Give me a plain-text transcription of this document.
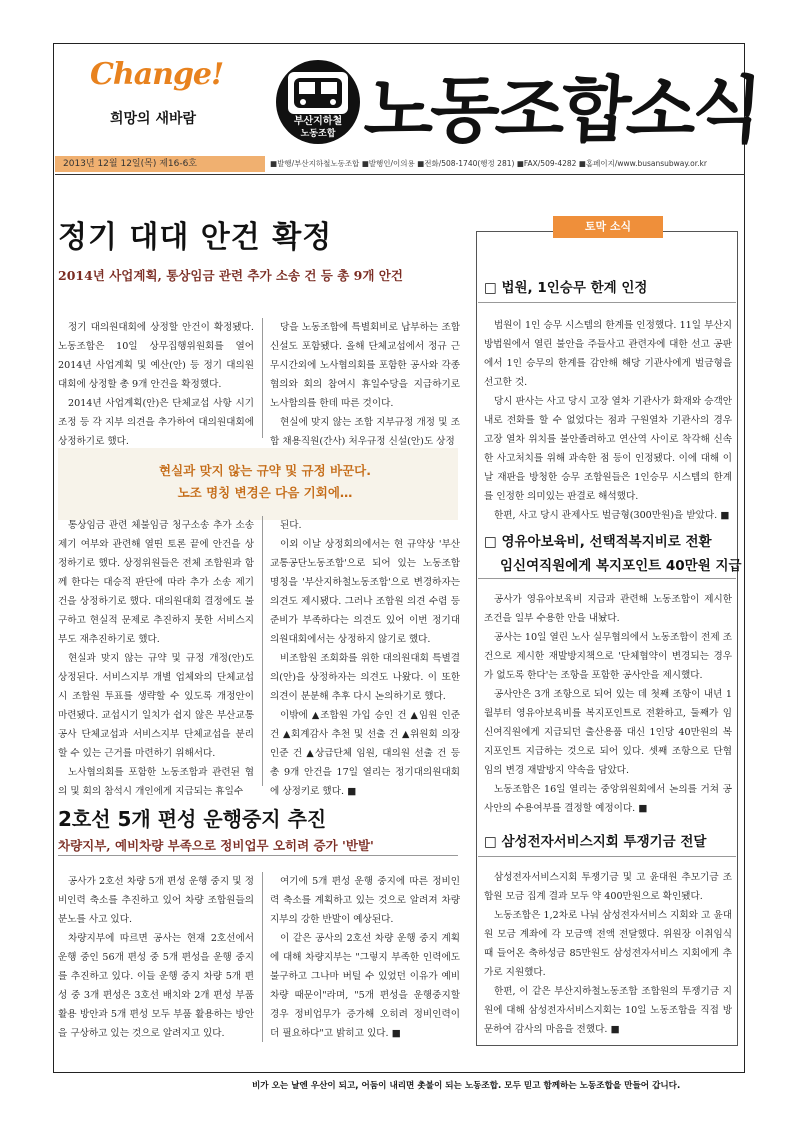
Change!
희망의 새바람	부산지하철
노동조합 노동조합소식
2013년 12월 12일(목) 제16-6호	■발행/부산지하철노동조합 ■발행인/이의용 ■전화/508-1740(행정 281) ■FAX/509-4282 ■홈페이지/www.busansubway.or.kr
정기 대대 안건 확정
2014년 사업계획, 통상임금 관련 추가 소송 건 등 총 9개 안건

정기 대의원대회에 상정할 안건이 확정됐다. 노동조합은 10일 상무집행위원회를 열어 2014년 사업계획 및 예산(안) 등 정기 대의원대회에 상정할 총 9개 안건을 확정했다.

2014년 사업계획(안)은 단체교섭 사항 시기 조정 등 각 지부 의견을 추가하여 대의원대회에 상정하기로 했다.

당을 노동조합에 특별회비로 납부하는 조합 신설도 포함됐다. 올해 단체교섭에서 정규 근무시간외에 노사협의회를 포함한 공사와 각종 협의와 회의 참여시 휴일수당을 지급하기로 노사합의를 한데 따른 것이다.

현실에 맞지 않는 조합 지부규정 개정 및 조합 채용직원(간사) 처우규정 신설(안)도 상정

현실과 맞지 않는 규약 및 규정 바꾼다.
노조 명칭 변경은 다음 기회에…

통상임금 관련 체불임금 청구소송 추가 소송 제기 여부와 관련해 열띤 토론 끝에 안건을 상정하기로 했다. 상정위원들은 전체 조합원과 함께 한다는 대승적 판단에 따라 추가 소송 제기 건을 상정하기로 했다. 대의원대회 결정에도 불구하고 현실적 문제로 추진하지 못한 서비스지부도 재추진하기로 했다.

현실과 맞지 않는 규약 및 규정 개정(안)도 상정된다. 서비스지부 개별 업체와의 단체교섭 시 조합원 투표를 생략할 수 있도록 개정안이 마련됐다. 교섭시기 일치가 쉽지 않은 부산교통공사 단체교섭과 서비스지부 단체교섭을 분리할 수 있는 근거를 마련하기 위해서다.

노사협의회를 포함한 노동조합과 관련된 협의 및 회의 참석시 개인에게 지급되는 휴일수

된다.

이외 이날 상정회의에서는 현 규약상 '부산교통공단노동조합'으로 되어 있는 노동조합 명칭을 '부산지하철노동조합'으로 변경하자는 의견도 제시됐다. 그러나 조합원 의견 수렴 등 준비가 부족하다는 의견도 있어 이번 정기대의원대회에서는 상정하지 않기로 했다.

비조합원 조회화를 위한 대의원대회 특별결의(안)을 상정하자는 의견도 나왔다. 이 또한 의견이 분분해 추후 다시 논의하기로 했다.

이밖에 ▲조합원 가입 승인 건 ▲임원 인준 건 ▲회계감사 추천 및 선출 건 ▲위원회 의장 인준 건 ▲상급단체 임원, 대의원 선출 건 등 총 9개 안건을 17일 열리는 정기대의원대회에 상정키로 했다. ■

2호선 5개 편성 운행중지 추진
차량지부, 예비차량 부족으로 정비업무 오히려 증가 '반발'

공사가 2호선 차량 5개 편성 운행 중지 및 정비인력 축소를 추진하고 있어 차량 조합원들의 분노를 사고 있다.

차량지부에 따르면 공사는 현재 2호선에서 운행 중인 56개 편성 중 5개 편성을 운행 중지를 추진하고 있다. 이들 운행 중지 차량 5개 편성 중 3개 편성은 3호선 배치와 2개 편성 부품 활용 방안과 5개 편성 모두 부품 활용하는 방안을 구상하고 있는 것으로 알려지고 있다.

여기에 5개 편성 운행 중지에 따른 정비인력 축소를 계획하고 있는 것으로 알려져 차량지부의 강한 반발이 예상된다.

이 같은 공사의 2호선 차량 운행 중지 계획에 대해 차량지부는 "그렇지 부족한 인력에도 불구하고 그나마 버틸 수 있었던 이유가 예비차량 때문이"라며, "5개 편성을 운행중지할 경우 정비업무가 증가해 오히려 정비인력이 더 필요하다"고 밝히고 있다. ■

토막 소식
□ 법원, 1인승무 한계 인정

법원이 1인 승무 시스템의 한계를 인정했다. 11일 부산지방법원에서 열린 불안을 주들사고 관련자에 대한 선고 공판에서 1인 승무의 한계를 감안해 해당 기관사에게 벌금형을 선고한 것.

당시 판사는 사고 당시 고장 열차 기관사가 화재와 승객안내로 전화를 할 수 없었다는 점과 구원열차 기관사의 경우 고장 열차 위치를 불안졸려하고 연산역 사이로 착각해 신속한 사고처치를 위해 과속한 점 등이 인정됐다. 이에 대해 이날 재판을 방청한 승무 조합원들은 1인승무 시스템의 한계를 인정한 의미있는 판결로 해석했다.

한편, 사고 당시 관제사도 벌금형(300만원)을 받았다. ■

□ 영유아보육비, 선택적복지비로 전환
임신여직원에게 복지포인트 40만원 지급

공사가 영유아보육비 지급과 관련해 노동조합이 제시한 조건을 일부 수용한 안을 내놨다.

공사는 10일 열린 노사 실무협의에서 노동조합이 전제 조건으로 제시한 재발방지책으로 '단체협약이 변경되는 경우가 없도록 한다'는 조항을 포함한 공사안을 제시했다.

공사안은 3개 조항으로 되어 있는 데 첫째 조항이 내년 1월부터 영유아보육비를 복지포인트로 전환하고, 둘째가 임신여직원에게 지급되던 출산용품 대신 1인당 40만원의 복지포인트 지급하는 것으로 되어 있다. 셋째 조항으로 단협 임의 변경 재발방지 약속을 담았다.

노동조합은 16일 열리는 중앙위원회에서 논의를 거쳐 공사안의 수용여부를 결정할 예정이다. ■

□ 삼성전자서비스지회 투쟁기금 전달

삼성전자서비스지회 투쟁기금 및 고 윤대원 추모기금 조합원 모금 집계 결과 모두 약 400만원으로 확인됐다.

노동조합은 1,2차로 나눠 삼성전자서비스 지회와 고 윤대원 모금 계좌에 각 모금액 전액 전달했다. 위원장 이취임식때 들어온 축하성금 85만원도 삼성전자서비스 지회에게 추가로 지원했다.

한편, 이 같은 부산지하철노동조합 조합원의 투쟁기금 지원에 대해 삼성전자서비스지회는 10일 노동조합을 직접 방문하여 감사의 마음을 전했다. ■

비가 오는 날엔 우산이 되고, 어둠이 내리면 촛불이 되는 노동조합. 모두 믿고 함께하는 노동조합을 만들어 갑니다.
